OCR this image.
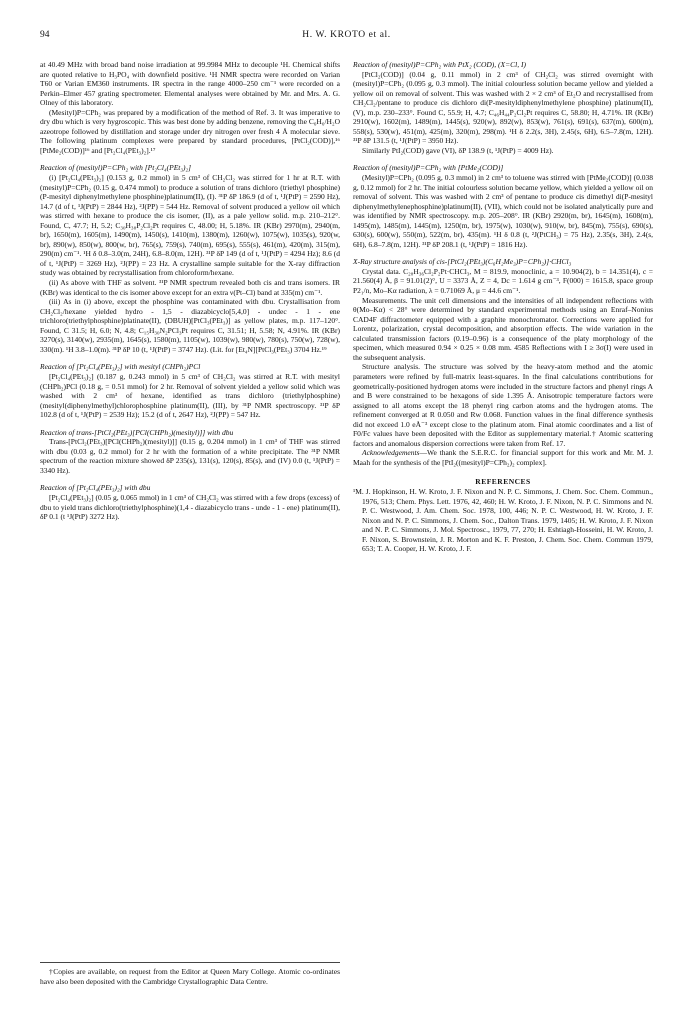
94	H. W. KROTO et al.

at 40.49 MHz with broad band noise irradiation at 99.9984 MHz to decouple ¹H. Chemical shifts are quoted relative to H₃PO₄ with downfield positive. ¹H NMR spectra were recorded on Varian T60 or Varian EM360 instruments. IR spectra in the range 4000–250 cm⁻¹ were recorded on a Perkin–Elmer 457 grating spectrometer. Elemental analyses were obtained by Mr. and Mrs. A. G. Olney of this laboratory.

(Mesityl)P=CPh₂ was prepared by a modification of the method of Ref. 3. It was imperative to dry dbu which is very hygroscopic. This was best done by adding benzene, removing the C₆H₆/H₂O azeotrope followed by distillation and storage under dry nitrogen over fresh 4 Å molecular sieve. The following platinum complexes were prepared by standard procedures, [PtCl₂(COD)],¹⁶ [PtMe₂(COD)]¹⁶ and [Pt₂Cl₄(PEt₃)₂].¹⁷

Reaction of (mesityl)P=CPh₂ with [Pt₂Cl₄(PEt₃)₂]

(i) [Pt₂Cl₄(PEt₃)₂] (0.153 g, 0.2 mmol) in 5 cm³ of CH₂Cl₂ was stirred for 1 hr at R.T. with (mesityl)P=CPh₂ (0.15 g, 0.474 mmol) to produce a solution of trans dichloro (triethyl phosphine) (P-mesityl diphenylmethylene phosphine)platinum(II), (I). ³¹P δP 186.9 (d of t, ¹J(PtP) = 2590 Hz), 14.7 (d of t, ¹J(PtP) = 2844 Hz), ²J(PP) = 544 Hz. Removal of solvent produced a yellow oil which was stirred with hexane to produce the cis isomer, (II), as a pale yellow solid. m.p. 210–212°. Found, C, 47.7; H, 5.2; C₃₀H₃₈P₂Cl₂Pt requires C, 48.00; H, 5.18%. IR (KBr) 2970(m), 2940(m, br), 1650(m), 1605(m), 1490(m), 1450(s), 1410(m), 1380(m), 1260(w), 1075(w), 1035(s), 920(w, br), 890(w), 850(w), 800(w, br), 765(s), 759(s), 740(m), 695(s), 555(s), 461(m), 420(m), 315(m), 290(m) cm⁻¹. ¹H δ 0.8–3.0(m, 24H), 6.8–8.0(m, 12H). ³¹P δP 149 (d of t, ¹J(PtP) = 4294 Hz); 8.6 (d of t, ¹J(PtP) = 3269 Hz), ²J(PP) = 23 Hz. A crystalline sample suitable for the X-ray diffraction study was obtained by recrystallisation from chloroform/hexane.

(ii) As above with THF as solvent. ³¹P NMR spectrum revealed both cis and trans isomers. IR (KBr) was identical to the cis isomer above except for an extra ν(Pt–Cl) band at 335(m) cm⁻¹.

(iii) As in (i) above, except the phosphine was contaminated with dbu. Crystallisation from CH₂Cl₂/hexane yielded hydro - 1,5 - diazabicyclo[5,4,0] - undec - 1 - ene trichloro(triethylphosphine)platinate(II), (DBUH)[PtCl₃(PEt₃)] as yellow plates, m.p. 117–120°. Found, C 31.5; H, 6.0; N, 4.8; C₁₅H₃₀N₂PCl₃Pt requires C, 31.51; H, 5.58; N, 4.91%. IR (KBr) 3270(s), 3140(w), 2935(m), 1645(s), 1580(m), 1105(w), 1039(w), 980(w), 780(s), 750(w), 728(w), 330(m). ¹H 3.8–1.0(m). ³¹P δP 10 (t, ¹J(PtP) = 3747 Hz). (Lit. for [Et₄N][PtCl₃(PEt₃) 3704 Hz.¹⁹

Reaction of [Pt₂Cl₄(PEt₃)₂] with mesityl (CHPh₂)PCl

[Pt₂Cl₄(PEt₃)₂] (0.187 g, 0.243 mmol) in 5 cm³ of CH₂Cl₂ was stirred at R.T. with mesityl (CHPh₂)PCl (0.18 g, = 0.51 mmol) for 2 hr. Removal of solvent yielded a yellow solid which was washed with 2 cm³ of hexane, identified as trans dichloro (triethylphosphine)(mesityl(diphenylmethyl)chlorophosphine platinum(II), (III), by ³¹P NMR spectroscopy. ³¹P δP 102.8 (d of t, ¹J(PtP) = 2539 Hz); 15.2 (d of t, 2647 Hz), ²J(PP) = 547 Hz.

Reaction of trans-[PtCl₂(PEt₃)[PCl(CHPh₂)(mesityl)]] with dbu

Trans-[PtCl₂(PEt₃)[PCl(CHPh₂)(mesityl)]] (0.15 g, 0.204 mmol) in 1 cm³ of THF was stirred with dbu (0.03 g, 0.2 mmol) for 2 hr with the formation of a white precipitate. The ³¹P NMR spectrum of the reaction mixture showed δP 235(s), 131(s), 120(s), 85(s), and (IV) 0.0 (t, ¹J(PtP) = 3340 Hz).

Reaction of [Pt₂Cl₄(PEt₃)₂] with dbu

[Pt₂Cl₄(PEt₃)₂] (0.05 g, 0.065 mmol) in 1 cm³ of CH₂Cl₂ was stirred with a few drops (excess) of dbu to yield trans dichloro(triethylphosphine)(1,4 - diazabicyclo trans - unde - 1 - ene) platinum(II), δP 0.1 (t ¹J(PtP) 3272 Hz).

Reaction of (mesityl)P=CPh₂ with PtX₂ (COD), (X=Cl, I)

[PtCl₂(COD)] (0.04 g, 0.11 mmol) in 2 cm³ of CH₂Cl₂ was stirred overnight with (mesityl)P=CPh₂ (0.095 g, 0.3 mmol). The initial colourless solution became yellow and yielded a yellow oil on removal of solvent. This was washed with 2 × 2 cm³ of Et₂O and recrystallised from CH₂Cl₂/pentane to produce cis dichloro di(P-mesityldiphenylmethylene phosphine) platinum(II), (V), m.p. 230–233°. Found C, 55.9; H, 4.7; C₄₆H₄₄P₂Cl₂Pt requires C, 58.80; H, 4.71%. IR (KBr) 2910(w), 1602(m), 1489(m), 1445(s), 920(w), 892(w), 853(w), 761(s), 691(s), 637(m), 600(m), 558(s), 530(w), 451(m), 425(m), 320(m), 298(m). ¹H δ 2.2(s, 3H), 2.45(s, 6H), 6.5–7.8(m, 12H). ³¹P δP 131.5 (t, ¹J(PtP) = 3950 Hz).

Similarly PtI₂(COD) gave (VI), δP 138.9 (t, ¹J(PtP) = 4009 Hz).

Reaction of (mesityl)P=CPh₂ with [PtMe₂(COD)]

(Mesityl)P=CPh₂ (0.095 g, 0.3 mmol) in 2 cm³ to toluene was stirred with [PtMe₂(COD)] (0.038 g, 0.12 mmol) for 2 hr. The initial colourless solution became yellow, which yielded a yellow oil on removal of solvent. This was washed with 2 cm³ of pentane to produce cis dimethyl di(P-mesityl diphenylmethylenephosphine)platinum(II), (VII), which could not be isolated analytically pure and was identified by NMR spectroscopy. m.p. 205–208°. IR (KBr) 2920(m, br), 1645(m), 1608(m), 1495(m), 1485(m), 1445(m), 1250(m, br), 1975(w), 1030(w), 910(w, br), 845(m), 755(s), 690(s), 630(s), 600(w), 550(m), 522(m, br), 435(m). ¹H δ 0.8 (t, ²J(PtCH₃) = 75 Hz), 2.35(s, 3H), 2.4(s, 6H), 6.8–7.8(m, 12H). ³¹P δP 208.1 (t, ¹J(PtP) = 1816 Hz).

X-Ray structure analysis of cis-[PtCl₂(PEt₃)(C₆H₂Me₃)P=CPh₂)]·CHCl₃

Crystal data. C₂₈H₃₆Cl₂P₂Pt·CHCl₃, M = 819.9, monoclinic, a = 10.904(2), b = 14.351(4), c = 21.560(4) Å, β = 91.01(2)°, U = 3373 Å, Z = 4, Dc = 1.614 g cm⁻³, F(000) = 1615.8, space group P2₁/n, Mo–Kα radiation, λ = 0.71069 Å, μ = 44.6 cm⁻¹.

Measurements. The unit cell dimensions and the intensities of all independent reflections with θ(Mo–Kα) < 28° were determined by standard experimental methods using an Enraf–Nonius CAD4F diffractometer equipped with a graphite monochromator. Corrections were applied for Lorentz, polarization, crystal decomposition, and absorption effects. The wide variation in the calculated transmission factors (0.19–0.96) is a consequence of the platy morphology of the specimen, which measured 0.94 × 0.25 × 0.08 mm. 4585 Reflections with I ≥ 3σ(I) were used in the subsequent analysis.

Structure analysis. The structure was solved by the heavy-atom method and the atomic parameters were refined by full-matrix least-squares. In the final calculations contributions for geometrically-positioned hydrogen atoms were included in the structure factors and phenyl rings A and B were constrained to be hexagons of side 1.395 Å. Anisotropic temperature factors were assigned to all atoms except the 18 phenyl ring carbon atoms and the hydrogen atoms. The refinement converged at R 0.050 and Rw 0.068. Function values in the final difference synthesis did not exceed 1.0 eÅ⁻³ except close to the platinum atom. Final atomic coordinates and a list of F0/Fc values have been deposited with the Editor as supplementary material.† Atomic scattering factors and anomalous dispersion corrections were taken from Ref. 17.

Acknowledgements—We thank the S.E.R.C. for financial support for this work and Mr. M. J. Maah for the synthesis of the [PtI₂((mesityl)P=CPh₂)₂ complex].

REFERENCES

¹M. J. Hopkinson, H. W. Kroto, J. F. Nixon and N. P. C. Simmons, J. Chem. Soc. Chem. Commun., 1976, 513; Chem. Phys. Lett. 1976, 42, 460; H. W. Kroto, J. F. Nixon, N. P. C. Simmons and N. P. C. Westwood, J. Am. Chem. Soc. 1978, 100, 446; N. P. C. Westwood, H. W. Kroto, J. F. Nixon and N. P. C. Simmons, J. Chem. Soc., Dalton Trans. 1979, 1405; H. W. Kroto, J. F. Nixon and N. P. C. Simmons, J. Mol. Spectrosc., 1979, 77, 270; H. Eshtiagh-Hosseini, H. W. Kroto, J. F. Nixon, S. Brownstein, J. R. Morton and K. F. Preston, J. Chem. Soc. Chem. Commun 1979, 653; T. A. Cooper, H. W. Kroto, J. F.

†Copies are available, on request from the Editor at Queen Mary College. Atomic co-ordinates have also been deposited with the Cambridge Crystallographic Data Centre.
